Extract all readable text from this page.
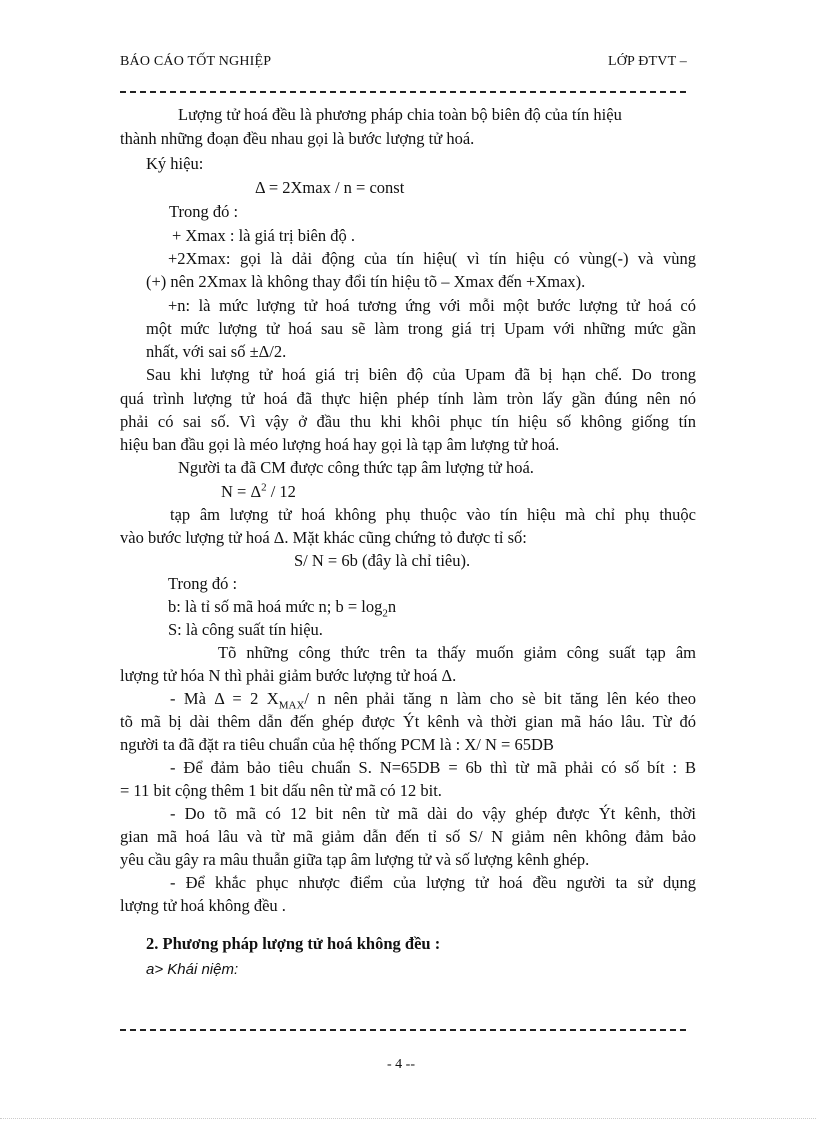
BÁO CÁO TỐT NGHIỆP	LỚP ĐTVT –
Lượng tử hoá đều là phương pháp chia toàn bộ biên độ của tín hiệu
thành những đoạn đều nhau gọi là bước lượng tử hoá.
Ký hiệu:
Δ = 2Xmax / n = const
Trong đó :
+ Xmax : là giá trị biên độ .
+2Xmax: gọi là dải động của tín hiệu( vì tín hiệu có vùng(-) và vùng
(+) nên 2Xmax là không thay đổi tín hiệu tõ – Xmax đến +Xmax).
+n: là mức lượng tử hoá tương ứng với mỗi một bước lượng tử hoá có
một mức lượng tử hoá sau sẽ làm trong giá trị Upam với những mức gần
nhất, với sai số ±Δ/2.
Sau khi lượng tử hoá giá trị biên độ của Upam đã bị hạn chế. Do trong
quá trình lượng tử hoá đã thực hiện phép tính làm tròn lấy gần đúng nên nó
phải có sai số. Vì vậy ở đầu thu khi khôi phục tín hiệu số không giống tín
hiệu ban đầu gọi là méo lượng hoá hay gọi là tạp âm lượng tử hoá.
Người ta đã CM được công thức tạp âm lượng tử hoá.
$N = \Delta^2 / 12$
tạp âm lượng tử hoá không phụ thuộc vào tín hiệu mà chỉ phụ thuộc
vào bước lượng tử hoá Δ. Mặt khác cũng chứng tỏ được tỉ số:
S/ N = 6b (đây là chỉ tiêu).
Trong đó :
b: là tỉ số mã hoá mức n; $b = \log_2n$
S: là công suất tín hiệu.
Tõ những công thức trên ta thấy muốn giảm công suất tạp âm
lượng tử hóa N thì phải giảm bước lượng tử hoá Δ.
- Mà Δ = 2 $X_{MAX}/$ n nên phải tăng n làm cho sè bit tăng lên kéo theo
tõ mã bị dài thêm dẫn đến ghép được Ýt kênh và thời gian mã háo lâu. Từ đó
người ta đã đặt ra tiêu chuẩn của hệ thống PCM là : X/ N = 65DB
- Để đảm bảo tiêu chuẩn S. N=65DB = 6b thì từ mã phải có số bít : B
= 11 bit cộng thêm 1 bit dấu nên từ mã có 12 bit.
- Do tõ mã có 12 bit nên từ mã dài do vậy ghép được Ýt kênh, thời
gian mã hoá lâu và từ mã giảm dẫn đến tỉ số S/ N giảm nên không đảm bảo
yêu cầu gây ra mâu thuẫn giữa tạp âm lượng tử và số lượng kênh ghép.
- Để khắc phục nhược điểm của lượng tử hoá đều người ta sử dụng
lượng tử hoá không đều .
2. Phương pháp lượng tử hoá không đều :
a> Khái niệm:
- 4 --
